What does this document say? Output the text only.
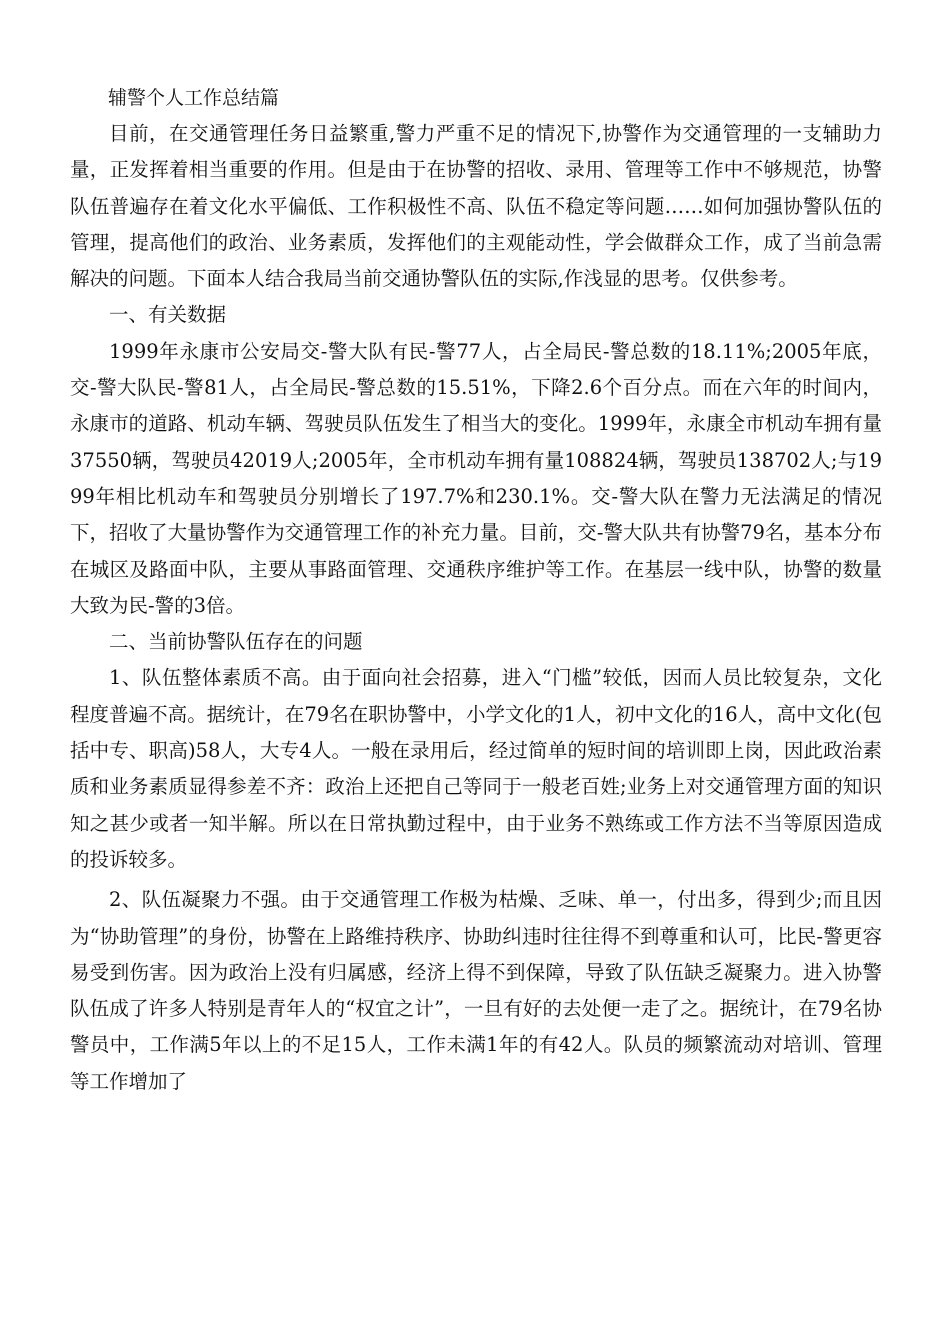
辅警个人工作总结篇

目前，在交通管理任务日益繁重,警力严重不足的情况下,协警作为交通管理的一支辅助力量，正发挥着相当重要的作用。但是由于在协警的招收、录用、管理等工作中不够规范，协警队伍普遍存在着文化水平偏低、工作积极性不高、队伍不稳定等问题……如何加强协警队伍的管理，提高他们的政治、业务素质，发挥他们的主观能动性，学会做群众工作，成了当前急需解决的问题。下面本人结合我局当前交通协警队伍的实际,作浅显的思考。仅供参考。

一、有关数据

1999年永康市公安局交-警大队有民-警77人，占全局民-警总数的18.11%;2005年底，交-警大队民-警81人，占全局民-警总数的15.51%，下降2.6个百分点。而在六年的时间内，永康市的道路、机动车辆、驾驶员队伍发生了相当大的变化。1999年，永康全市机动车拥有量37550辆，驾驶员42019人;2005年，全市机动车拥有量108824辆，驾驶员138702人;与1999年相比机动车和驾驶员分别增长了197.7%和230.1%。交-警大队在警力无法满足的情况下，招收了大量协警作为交通管理工作的补充力量。目前，交-警大队共有协警79名，基本分布在城区及路面中队，主要从事路面管理、交通秩序维护等工作。在基层一线中队，协警的数量大致为民-警的3倍。

二、当前协警队伍存在的问题

1、队伍整体素质不高。由于面向社会招募，进入“门槛”较低，因而人员比较复杂，文化程度普遍不高。据统计，在79名在职协警中，小学文化的1人，初中文化的16人，高中文化(包括中专、职高)58人，大专4人。一般在录用后，经过简单的短时间的培训即上岗，因此政治素质和业务素质显得参差不齐：政治上还把自己等同于一般老百姓;业务上对交通管理方面的知识知之甚少或者一知半解。所以在日常执勤过程中，由于业务不熟练或工作方法不当等原因造成的投诉较多。

2、队伍凝聚力不强。由于交通管理工作极为枯燥、乏味、单一，付出多，得到少;而且因为“协助管理”的身份，协警在上路维持秩序、协助纠违时往往得不到尊重和认可，比民-警更容易受到伤害。因为政治上没有归属感，经济上得不到保障，导致了队伍缺乏凝聚力。进入协警队伍成了许多人特别是青年人的“权宜之计”，一旦有好的去处便一走了之。据统计，在79名协警员中，工作满5年以上的不足15人，工作未满1年的有42人。队员的频繁流动对培训、管理等工作增加了
